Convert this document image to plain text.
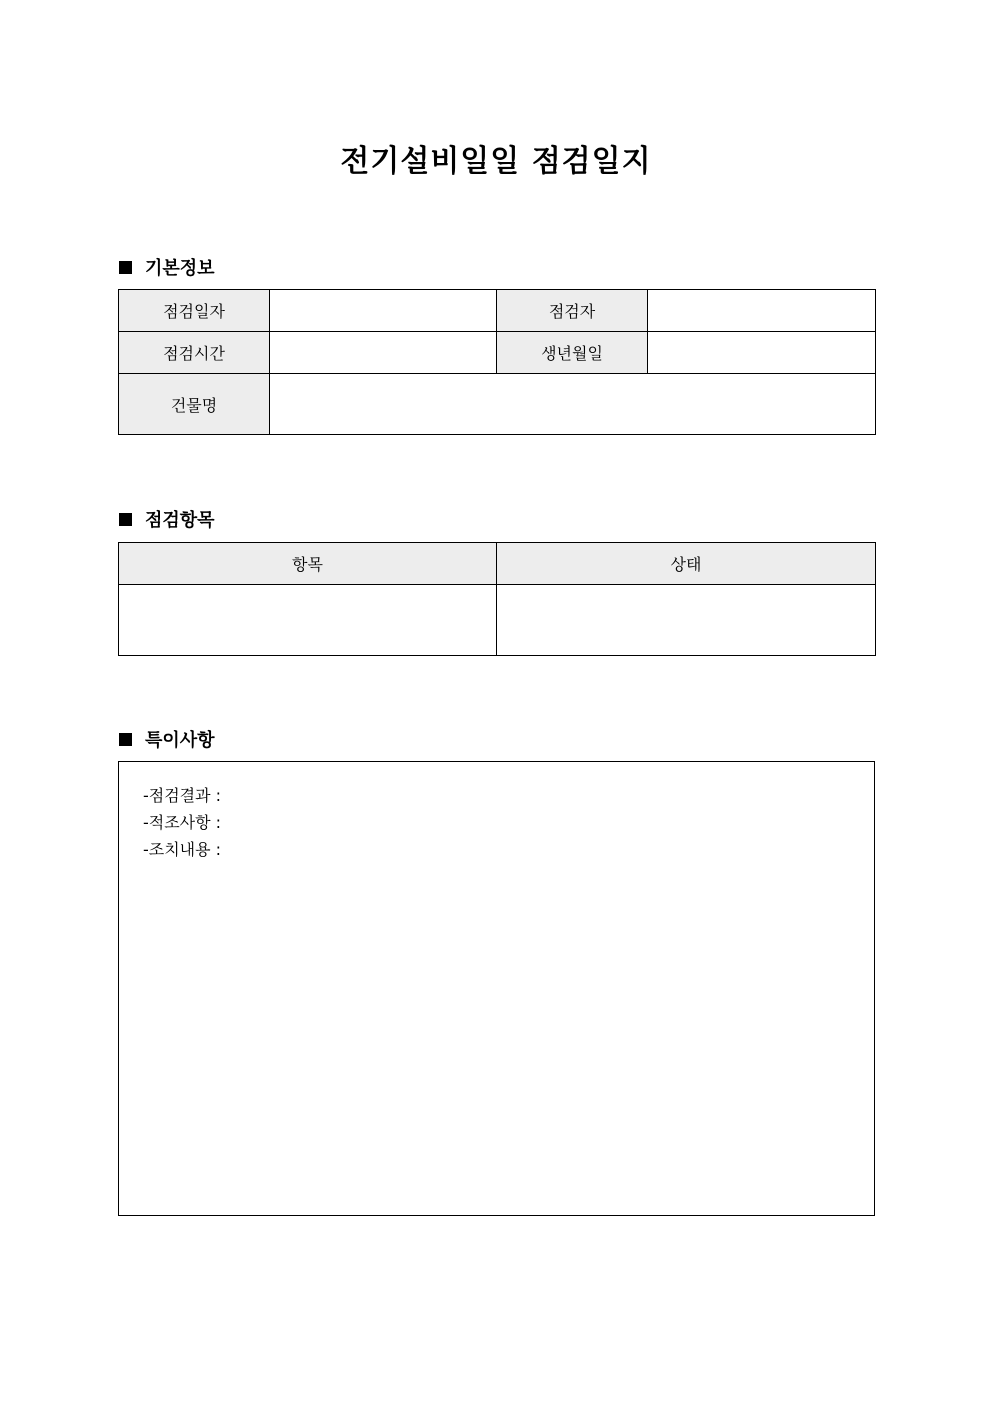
전기설비일일 점검일지
기본정보
점검일자		점검자	
점검시간		생년월일	
건물명			
점검항목
항목	상태

특이사항
-점검결과 :
-적조사항 :
-조치내용 :
